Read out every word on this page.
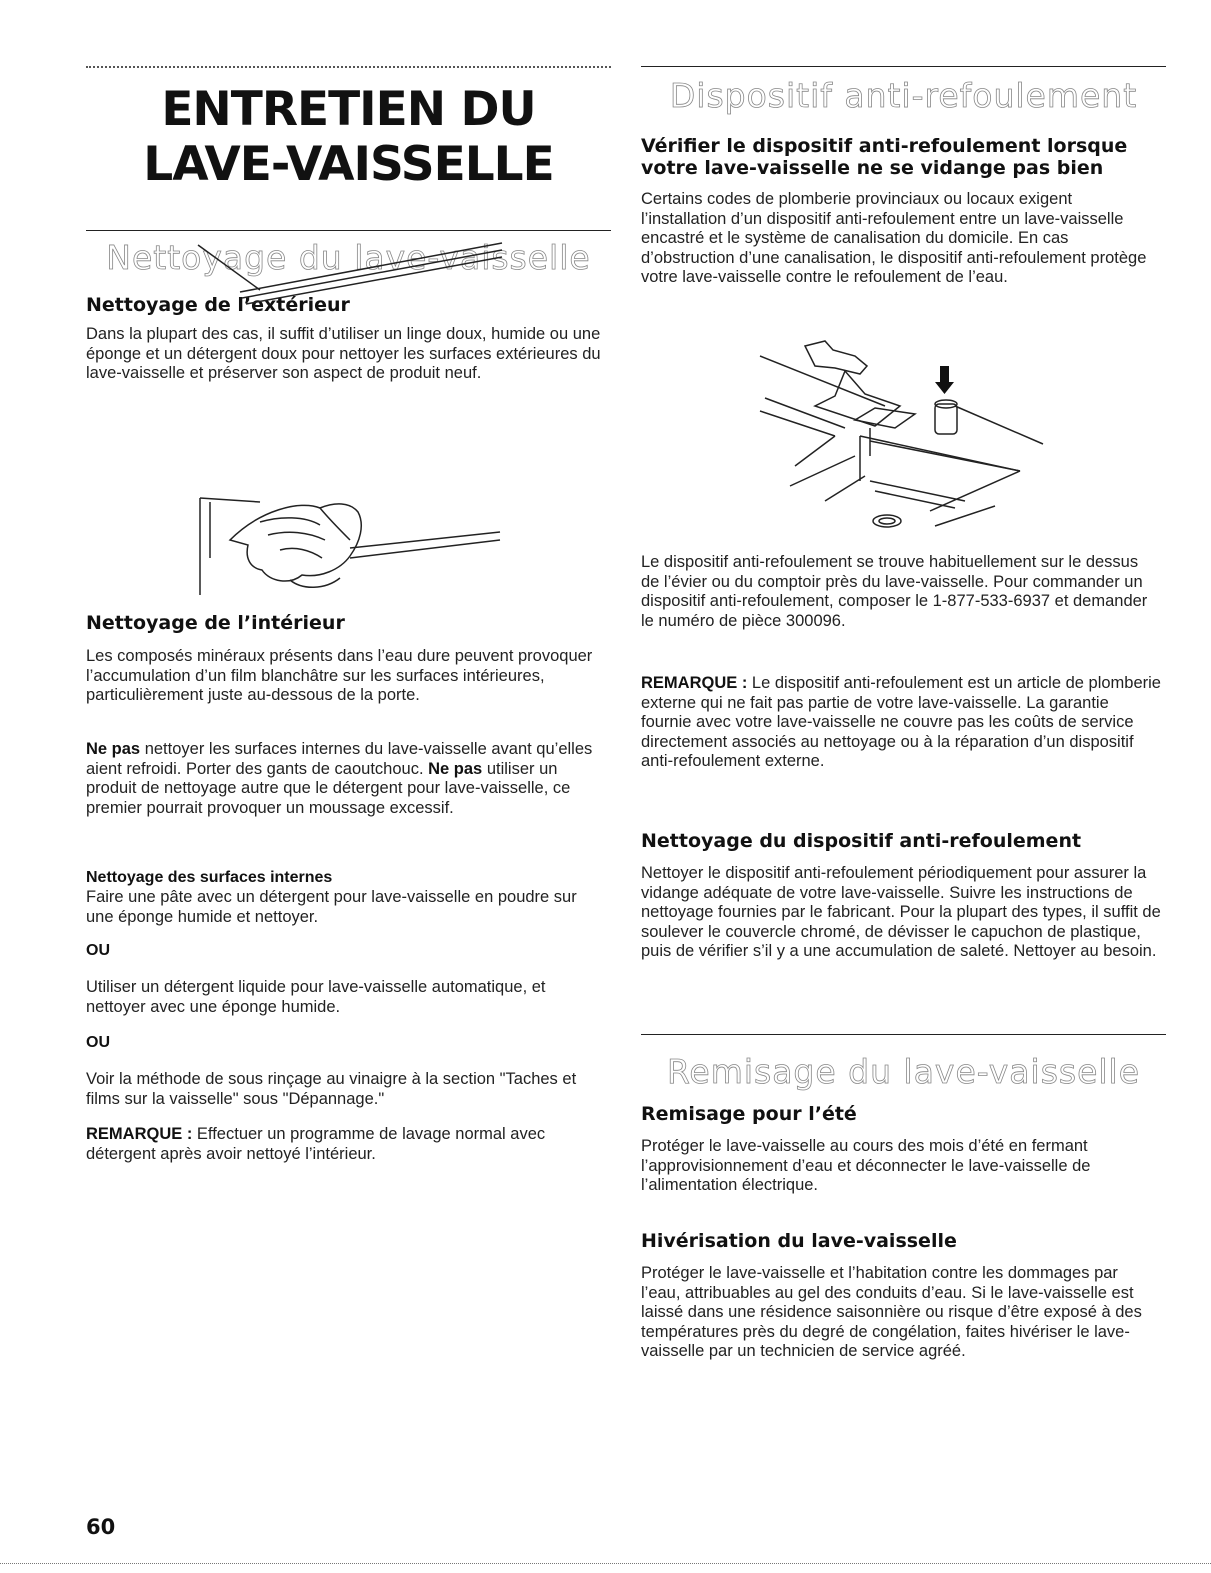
ENTRETIEN DU
LAVE-VAISSELLE
Nettoyage du lave-vaisselle
Nettoyage de l’extérieur

Dans la plupart des cas, il suffit d’utiliser un linge doux, humide ou une éponge et un détergent doux pour nettoyer les surfaces extérieures du lave-vaisselle et préserver son aspect de produit neuf.

Nettoyage de l’intérieur

Les composés minéraux présents dans l’eau dure peuvent provoquer l’accumulation d’un film blanchâtre sur les surfaces intérieures, particulièrement juste au-dessous de la porte.

Ne pas nettoyer les surfaces internes du lave-vaisselle avant qu’elles aient refroidi. Porter des gants de caoutchouc. Ne pas utiliser un produit de nettoyage autre que le détergent pour lave-vaisselle, ce premier pourrait provoquer un moussage excessif.

Nettoyage des surfaces internes

Faire une pâte avec un détergent pour lave-vaisselle en poudre sur une éponge humide et nettoyer.

OU

Utiliser un détergent liquide pour lave-vaisselle automatique, et nettoyer avec une éponge humide.

OU

Voir la méthode de sous rinçage au vinaigre à la section "Taches et films sur la vaisselle" sous "Dépannage."

REMARQUE : Effectuer un programme de lavage normal avec détergent après avoir nettoyé l’intérieur.

Dispositif anti-refoulement
Vérifier le dispositif anti-refoulement lorsque votre lave-vaisselle ne se vidange pas bien

Certains codes de plomberie provinciaux ou locaux exigent l’installation d’un dispositif anti-refoulement entre un lave-vaisselle encastré et le système de canalisation du domicile. En cas d’obstruction d’une canalisation, le dispositif anti-refoulement protège votre lave-vaisselle contre le refoulement de l’eau.

Le dispositif anti-refoulement se trouve habituellement sur le dessus de l’évier ou du comptoir près du lave-vaisselle. Pour commander un dispositif anti-refoulement, composer le 1-877-533-6937 et demander le numéro de pièce 300096.

REMARQUE : Le dispositif anti-refoulement est un article de plomberie externe qui ne fait pas partie de votre lave-vaisselle. La garantie fournie avec votre lave-vaisselle ne couvre pas les coûts de service directement associés au nettoyage ou à la réparation d’un dispositif anti-refoulement externe.

Nettoyage du dispositif anti-refoulement

Nettoyer le dispositif anti-refoulement périodiquement pour assurer la vidange adéquate de votre lave-vaisselle. Suivre les instructions de nettoyage fournies par le fabricant. Pour la plupart des types, il suffit de soulever le couvercle chromé, de dévisser le capuchon de plastique, puis de vérifier s’il y a une accumulation de saleté. Nettoyer au besoin.

Remisage du lave-vaisselle
Remisage pour l’été

Protéger le lave-vaisselle au cours des mois d’été en fermant l’approvisionnement d’eau et déconnecter le lave-vaisselle de l’alimentation électrique.

Hivérisation du lave-vaisselle

Protéger le lave-vaisselle et l’habitation contre les dommages par l’eau, attribuables au gel des conduits d’eau. Si le lave-vaisselle est laissé dans une résidence saisonnière ou risque d’être exposé à des températures près du degré de congélation, faites hivériser le lave-vaisselle par un technicien de service agréé.

60
